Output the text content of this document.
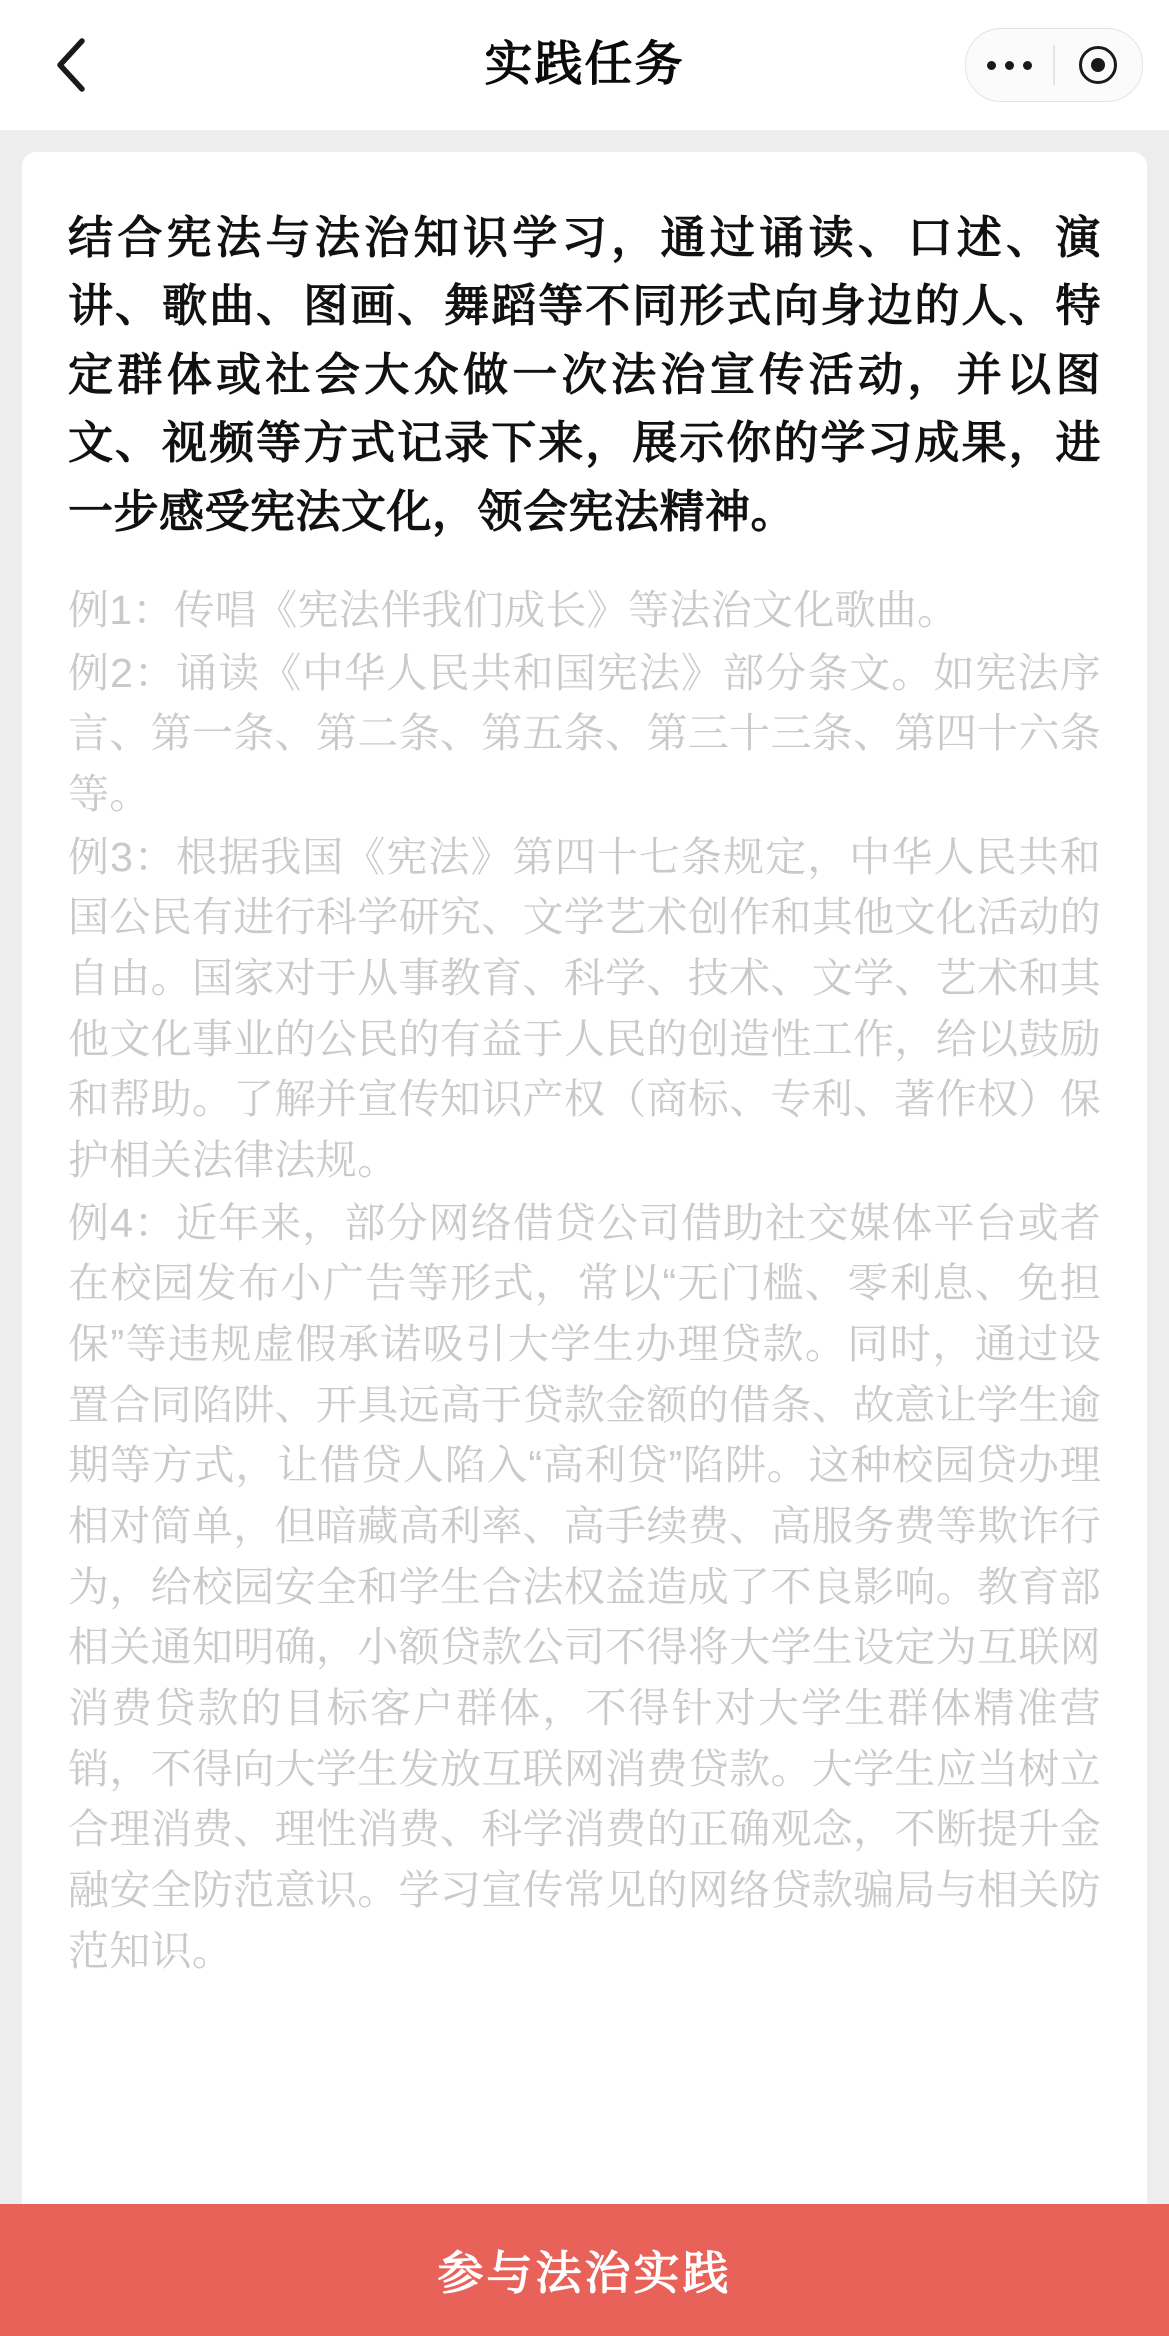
实践任务

结合宪法与法治知识学习，通过诵读、口述、演讲、歌曲、图画、舞蹈等不同形式向身边的人、特定群体或社会大众做一次法治宣传活动，并以图文、视频等方式记录下来，展示你的学习成果，进一步感受宪法文化，领会宪法精神。

例1：传唱《宪法伴我们成长》等法治文化歌曲。

例2：诵读《中华人民共和国宪法》部分条文。如宪法序言、第一条、第二条、第五条、第三十三条、第四十六条等。

例3：根据我国《宪法》第四十七条规定，中华人民共和国公民有进行科学研究、文学艺术创作和其他文化活动的自由。国家对于从事教育、科学、技术、文学、艺术和其他文化事业的公民的有益于人民的创造性工作，给以鼓励和帮助。了解并宣传知识产权（商标、专利、著作权）保护相关法律法规。

例4：近年来，部分网络借贷公司借助社交媒体平台或者在校园发布小广告等形式，常以“无门槛、零利息、免担保”等违规虚假承诺吸引大学生办理贷款。同时，通过设置合同陷阱、开具远高于贷款金额的借条、故意让学生逾期等方式，让借贷人陷入“高利贷”陷阱。这种校园贷办理相对简单，但暗藏高利率、高手续费、高服务费等欺诈行为，给校园安全和学生合法权益造成了不良影响。教育部相关通知明确，小额贷款公司不得将大学生设定为互联网消费贷款的目标客户群体，不得针对大学生群体精准营销，不得向大学生发放互联网消费贷款。大学生应当树立合理消费、理性消费、科学消费的正确观念，不断提升金融安全防范意识。学习宣传常见的网络贷款骗局与相关防范知识。

参与法治实践
